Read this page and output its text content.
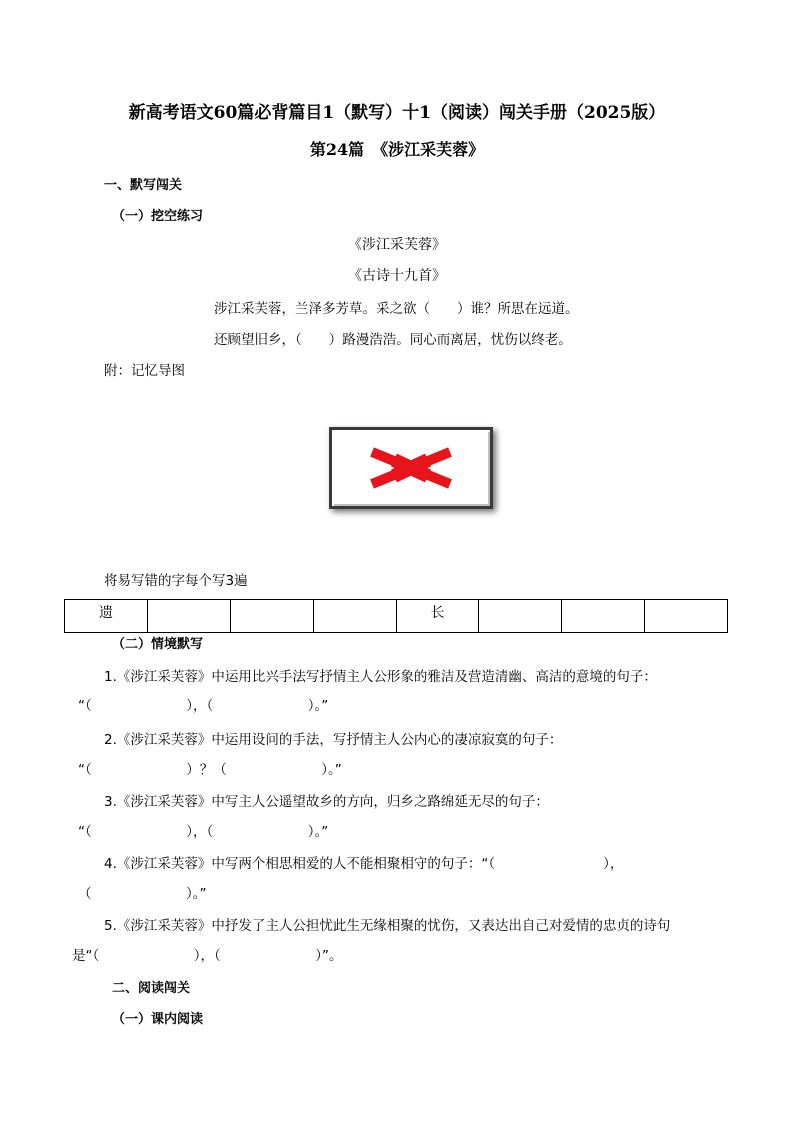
新高考语文60篇必背篇目1（默写）十1（阅读）闯关手册（2025版）
第24篇　《涉江采芙蓉》
一、默写闯关
（一）挖空练习
《涉江采芙蓉》
《古诗十九首》
涉江采芙蓉，兰泽多芳草。采之欲（　　）谁？所思在远道。
还顾望旧乡，（　　）路漫浩浩。同心而离居，忧伤以终老。
附：记忆导图
将易写错的字每个写3遍
遗				长			
（二）情境默写
1.《涉江采芙蓉》中运用比兴手法写抒情主人公形象的雅洁及营造清幽、高洁的意境的句子：
“（　　　　　　　），（　　　　　　　）。”
2.《涉江采芙蓉》中运用设问的手法，写抒情主人公内心的凄凉寂寞的句子：
“（　　　　　　　）？（　　　　　　　）。”
3.《涉江采芙蓉》中写主人公遥望故乡的方向，归乡之路绵延无尽的句子：
“（　　　　　　　），（　　　　　　　）。”
4.《涉江采芙蓉》中写两个相思相爱的人不能相聚相守的句子：“（　　　　　　　　），
（　　　　　　　）。”
5.《涉江采芙蓉》中抒发了主人公担忧此生无缘相聚的忧伤，又表达出自己对爱情的忠贞的诗句
是“（　　　　　　　），（　　　　　　　）”。
二、阅读闯关
（一）课内阅读
